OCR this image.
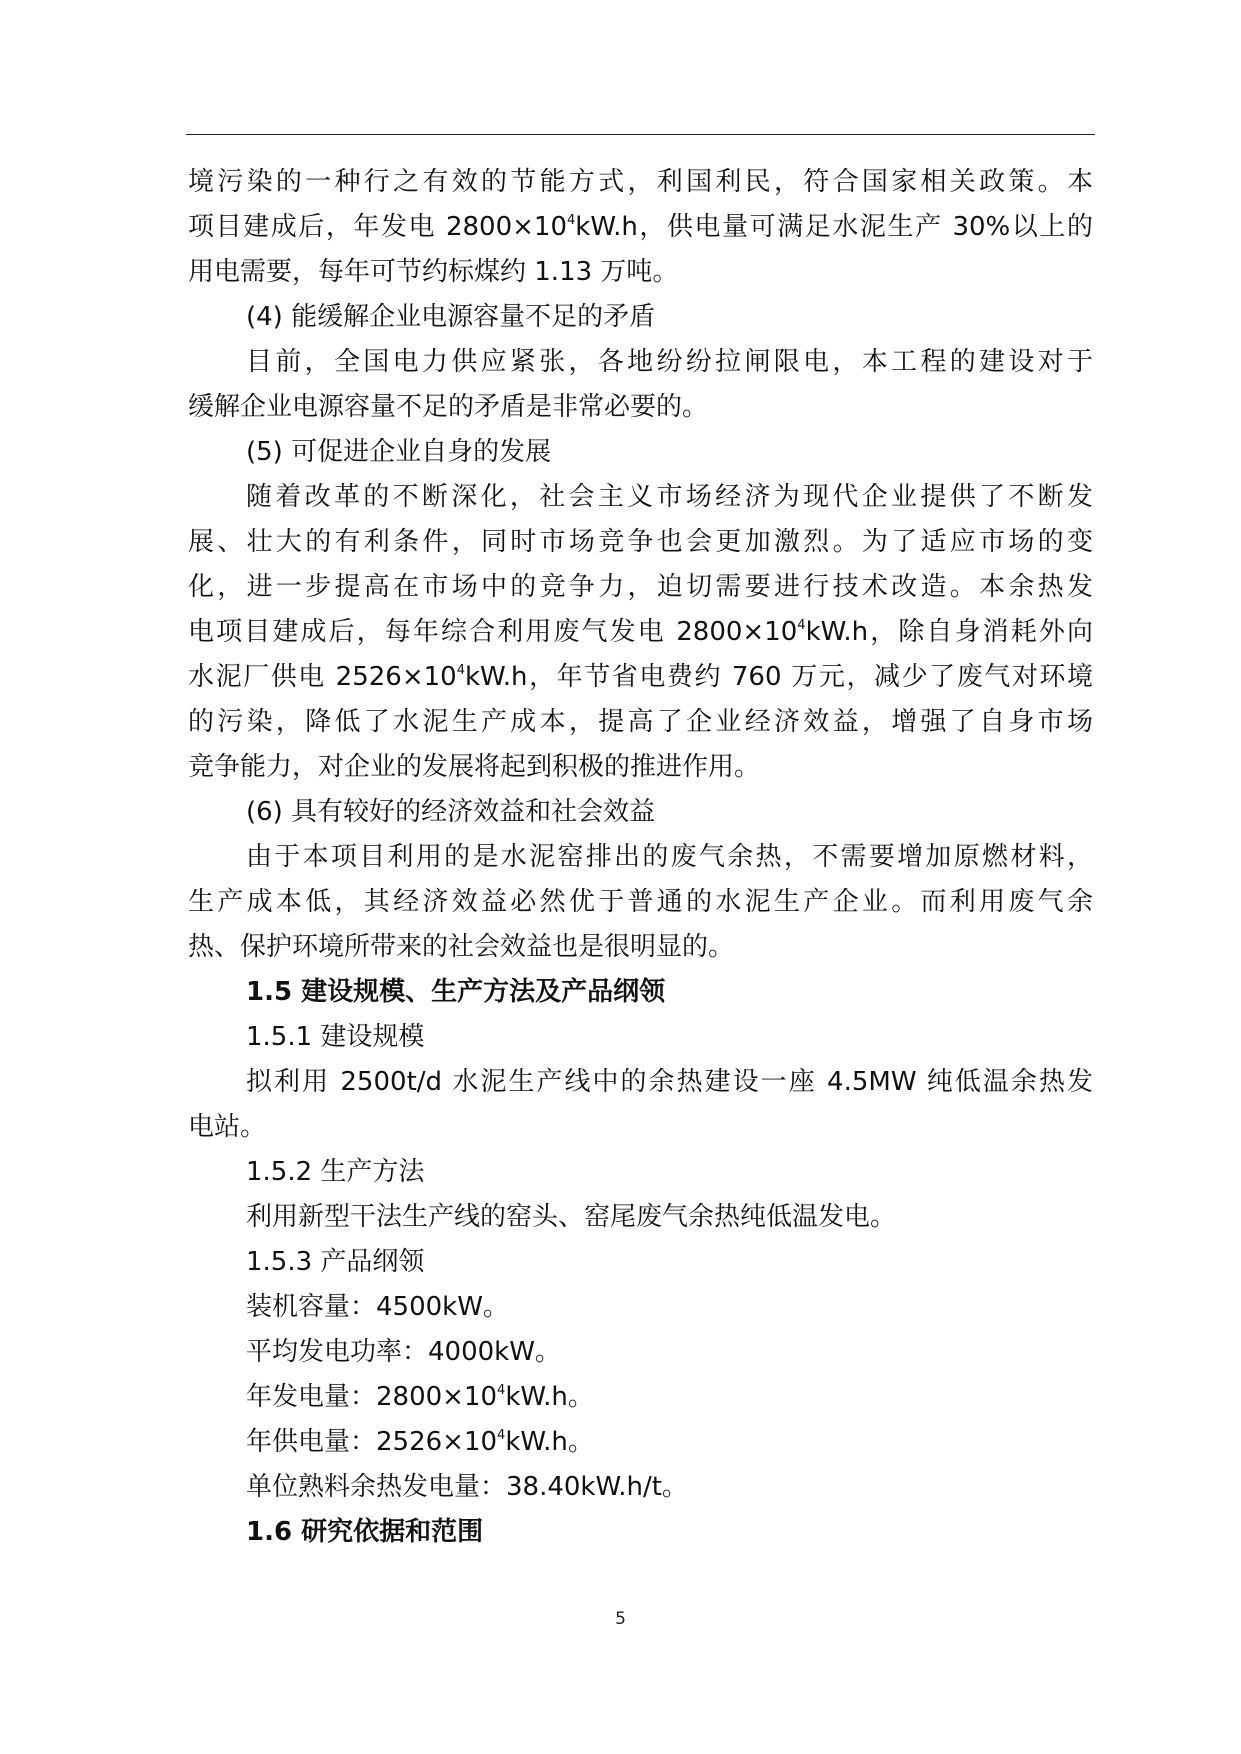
境污染的一种行之有效的节能方式，利国利民，符合国家相关政策。本
项目建成后，年发电 $2800\times 10^4kW.h$，供电量可满足水泥生产 30%以上的
用电需要，每年可节约标煤约 1.13 万吨。
(4) 能缓解企业电源容量不足的矛盾
目前，全国电力供应紧张，各地纷纷拉闸限电，本工程的建设对于
缓解企业电源容量不足的矛盾是非常必要的。
(5) 可促进企业自身的发展
随着改革的不断深化，社会主义市场经济为现代企业提供了不断发
展、壮大的有利条件，同时市场竞争也会更加激烈。为了适应市场的变
化，进一步提高在市场中的竞争力，迫切需要进行技术改造。本余热发
电项目建成后，每年综合利用废气发电 $2800\times 10^4kW.h$，除自身消耗外向
水泥厂供电 $2526\times 10^4kW.h$，年节省电费约 760 万元，减少了废气对环境
的污染，降低了水泥生产成本，提高了企业经济效益，增强了自身市场
竞争能力，对企业的发展将起到积极的推进作用。
(6) 具有较好的经济效益和社会效益
由于本项目利用的是水泥窑排出的废气余热，不需要增加原燃材料，
生产成本低，其经济效益必然优于普通的水泥生产企业。而利用废气余
热、保护环境所带来的社会效益也是很明显的。
1.5 建设规模、生产方法及产品纲领
1.5.1 建设规模
拟利用 2500t/d 水泥生产线中的余热建设一座 4.5MW 纯低温余热发
电站。
1.5.2 生产方法
利用新型干法生产线的窑头、窑尾废气余热纯低温发电。
1.5.3 产品纲领
装机容量：4500kW。
平均发电功率：4000kW。
年发电量：$2800\times 10^4kW.h$。
年供电量：$2526\times 10^4kW.h$。
单位熟料余热发电量：38.40kW.h/t。
1.6 研究依据和范围
5
